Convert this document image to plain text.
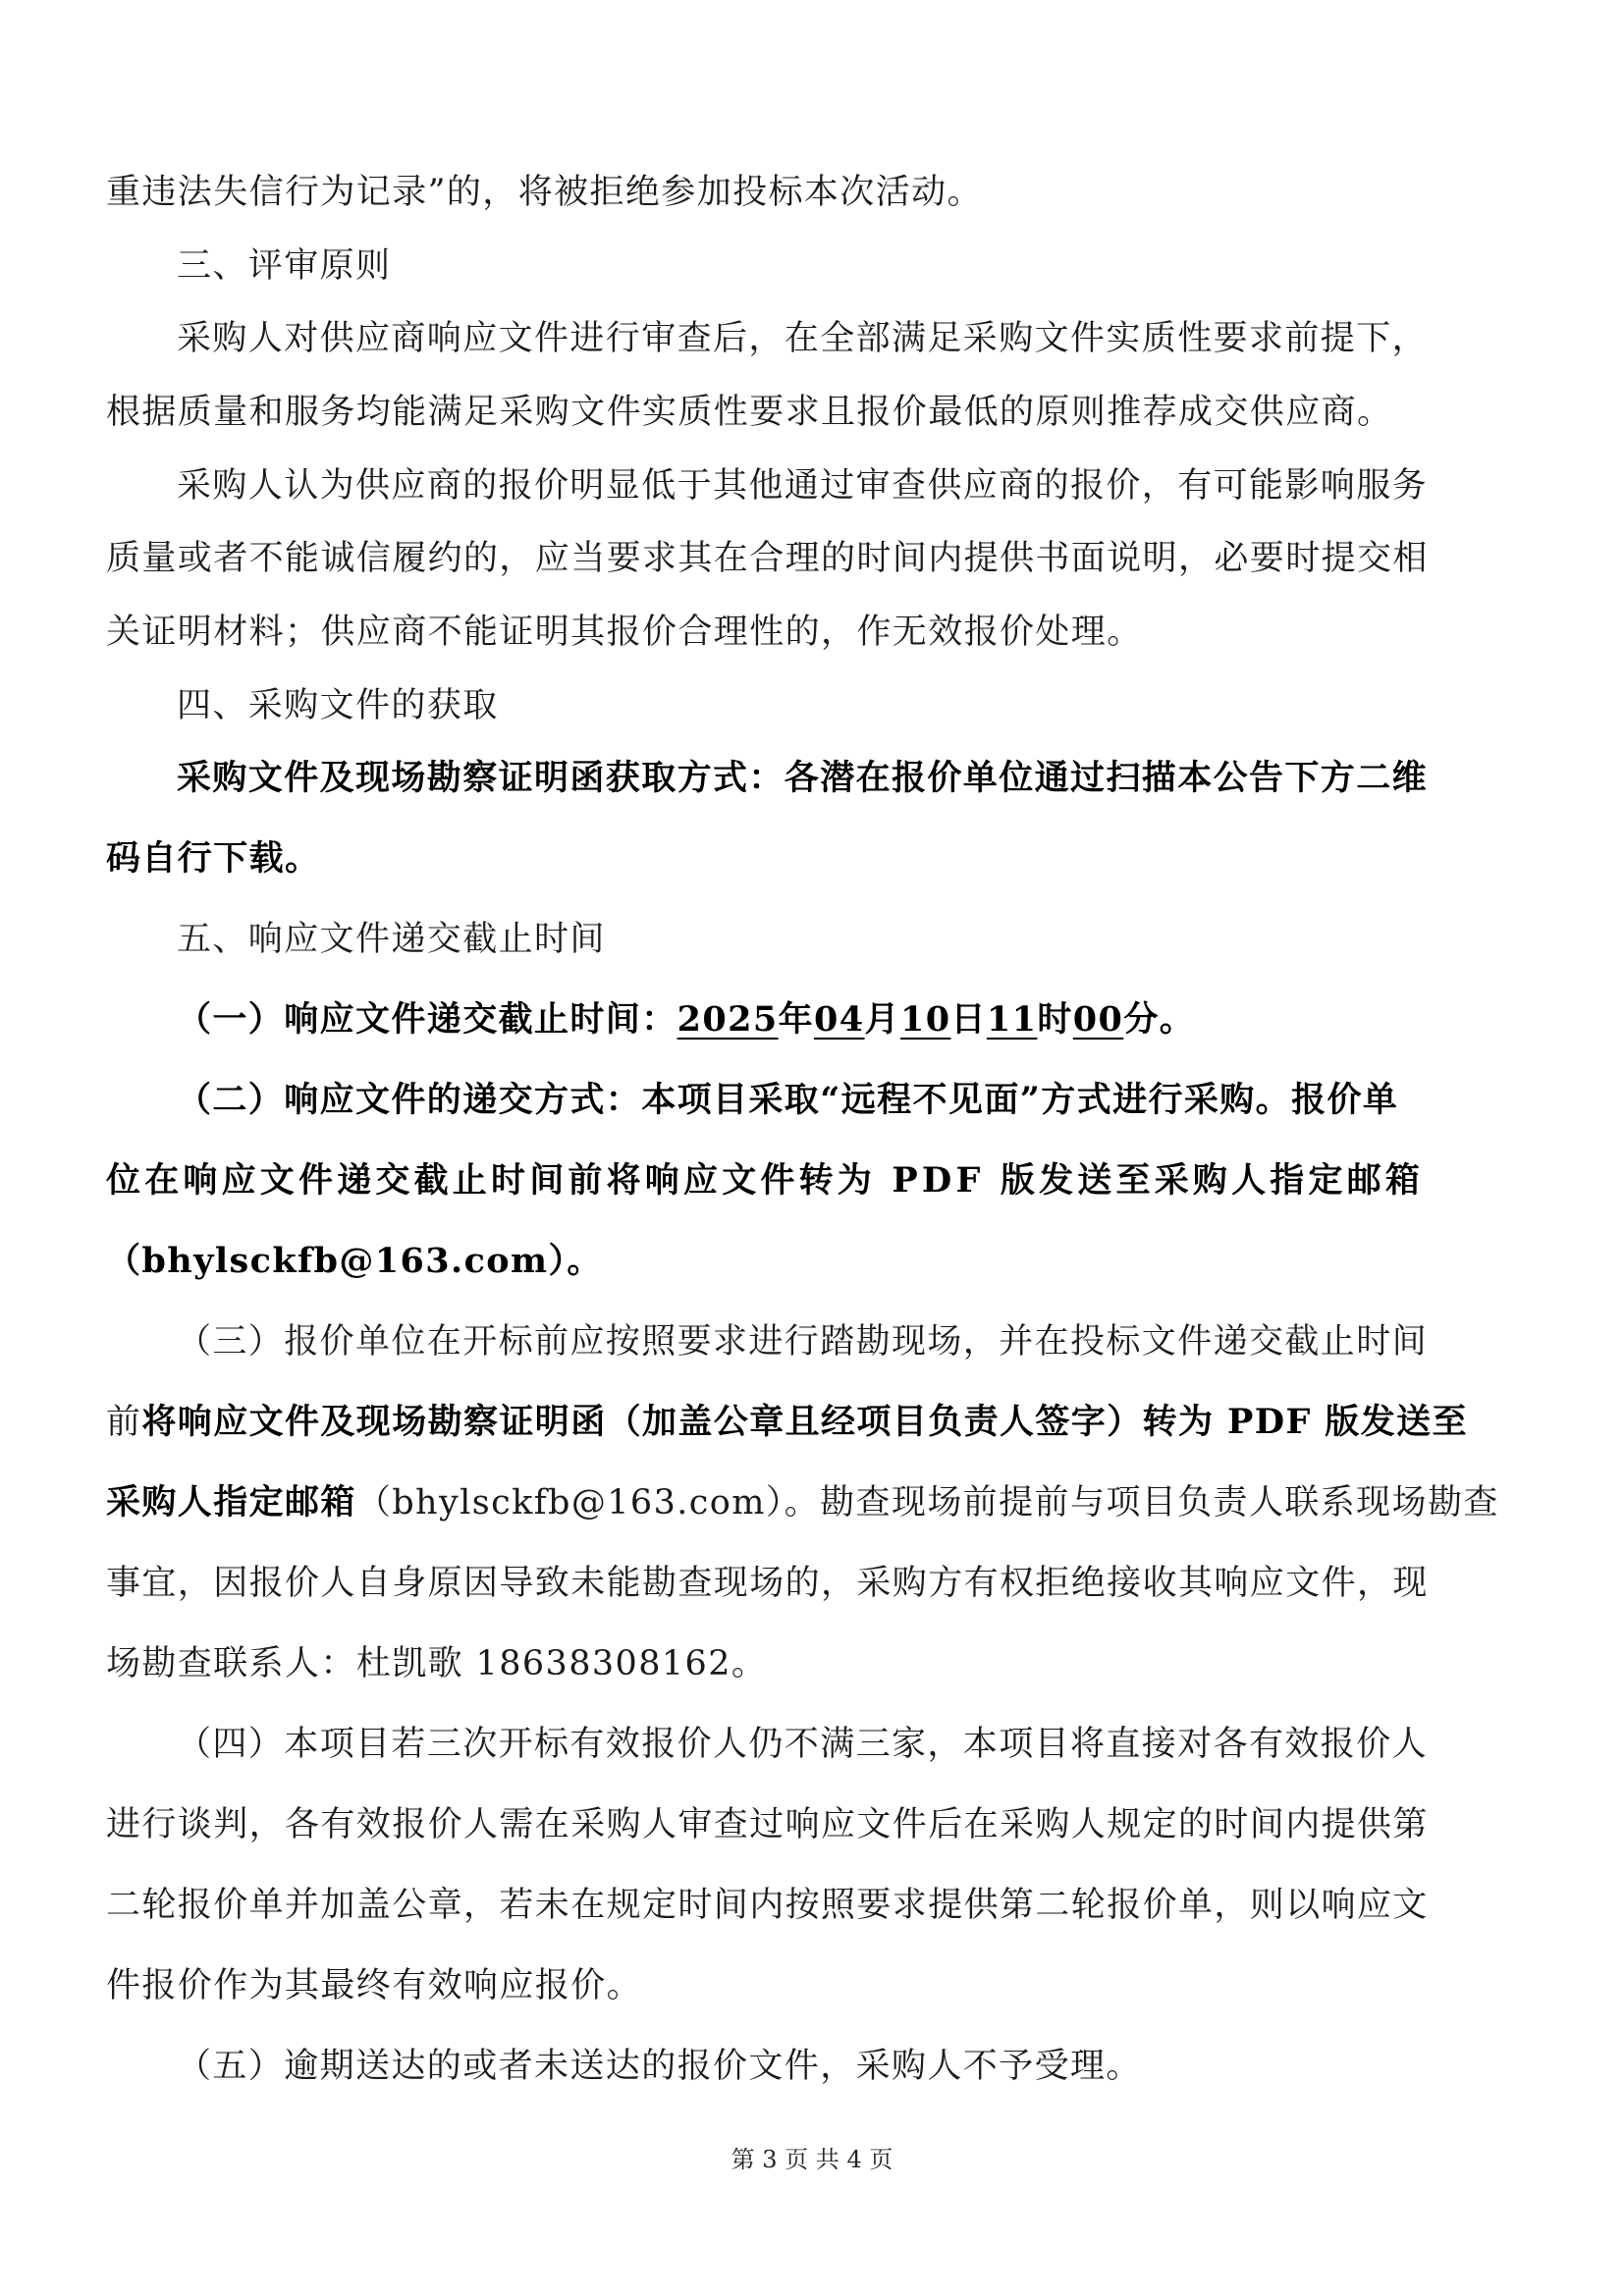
重违法失信行为记录”的，将被拒绝参加投标本次活动。
三、评审原则
采购人对供应商响应文件进行审查后，在全部满足采购文件实质性要求前提下，
根据质量和服务均能满足采购文件实质性要求且报价最低的原则推荐成交供应商。
采购人认为供应商的报价明显低于其他通过审查供应商的报价，有可能影响服务
质量或者不能诚信履约的，应当要求其在合理的时间内提供书面说明，必要时提交相
关证明材料；供应商不能证明其报价合理性的，作无效报价处理。
四、采购文件的获取
采购文件及现场勘察证明函获取方式：各潜在报价单位通过扫描本公告下方二维
码自行下载。
五、响应文件递交截止时间
（一）响应文件递交截止时间：2025年04月10日11时00分。
（二）响应文件的递交方式：本项目采取“远程不见面”方式进行采购。报价单
位在响应文件递交截止时间前将响应文件转为 PDF 版发送至采购人指定邮箱
（bhylsckfb@163.com）。
（三）报价单位在开标前应按照要求进行踏勘现场，并在投标文件递交截止时间
前将响应文件及现场勘察证明函（加盖公章且经项目负责人签字）转为 PDF 版发送至
采购人指定邮箱（bhylsckfb@163.com）。勘查现场前提前与项目负责人联系现场勘查
事宜，因报价人自身原因导致未能勘查现场的，采购方有权拒绝接收其响应文件，现
场勘查联系人：杜凯歌 18638308162。
（四）本项目若三次开标有效报价人仍不满三家，本项目将直接对各有效报价人
进行谈判，各有效报价人需在采购人审查过响应文件后在采购人规定的时间内提供第
二轮报价单并加盖公章，若未在规定时间内按照要求提供第二轮报价单，则以响应文
件报价作为其最终有效响应报价。
（五）逾期送达的或者未送达的报价文件，采购人不予受理。
第 3 页 共 4 页
